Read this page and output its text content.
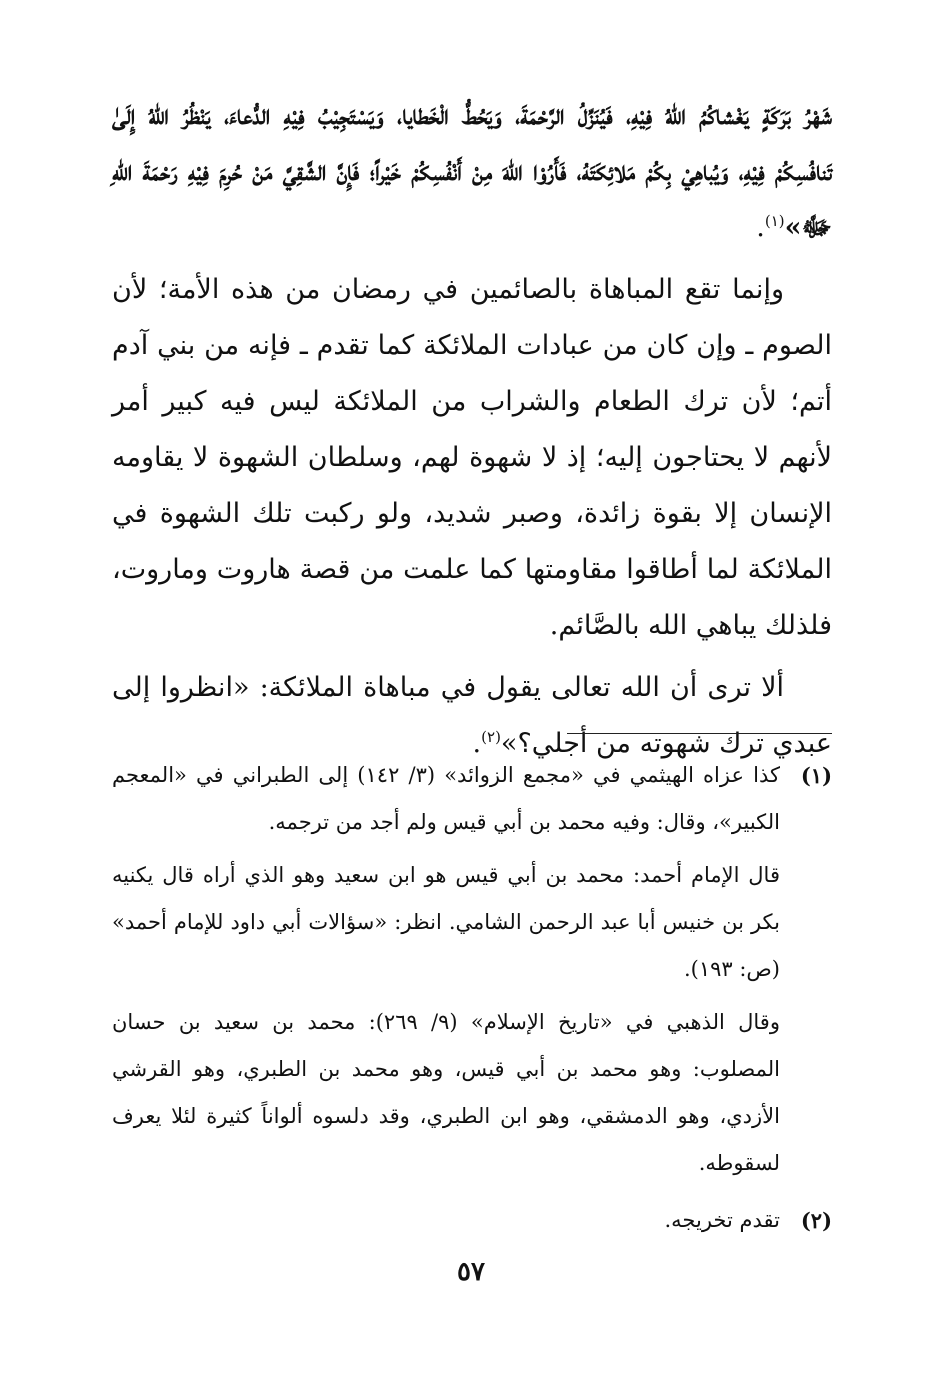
شَهْرُ بَرَكَةٍ يَغْشاكُمُ اللهُ فِيْهِ، فَيُنَزِّلُ الرَّحْمَةَ، وَيَحُطُّ الْخَطايا، وَيَسْتَجِيْبُ فِيْهِ الدُّعاءَ، يَنْظُرُ اللهُ إِلَىٰ تَنافُسِكُمْ فِيْهِ، وَيُباهِيْ بِكُمْ مَلائِكَتَهُ، فَأَرُوْا اللهَ مِنْ أَنْفُسِكُمْ خَيْراً؛ فَإِنَّ الشَّقِيَّ مَنْ حُرِمَ فِيْهِ رَحْمَةَ اللهِ ﷻ»$^{(١)}$.

وإنما تقع المباهاة بالصائمين في رمضان من هذه الأمة؛ لأن الصوم ـ وإن كان من عبادات الملائكة كما تقدم ـ فإنه من بني آدم أتم؛ لأن ترك الطعام والشراب من الملائكة ليس فيه كبير أمر لأنهم لا يحتاجون إليه؛ إذ لا شهوة لهم، وسلطان الشهوة لا يقاومه الإنسان إلا بقوة زائدة، وصبر شديد، ولو ركبت تلك الشهوة في الملائكة لما أطاقوا مقاومتها كما علمت من قصة هاروت وماروت، فلذلك يباهي الله بالصَّائم.

ألا ترى أن الله تعالى يقول في مباهاة الملائكة: «انظروا إلى عبدي ترك شهوته من أجلي؟»$^{(٢)}$.

(١)

كذا عزاه الهيثمي في «مجمع الزوائد» (٣/ ١٤٢) إلى الطبراني في «المعجم الكبير»، وقال: وفيه محمد بن أبي قيس ولم أجد من ترجمه.

قال الإمام أحمد: محمد بن أبي قيس هو ابن سعيد وهو الذي أراه قال يكنيه بكر بن خنيس أبا عبد الرحمن الشامي. انظر: «سؤالات أبي داود للإمام أحمد» (ص: ١٩٣).

وقال الذهبي في «تاريخ الإسلام» (٩/ ٢٦٩): محمد بن سعيد بن حسان المصلوب: وهو محمد بن أبي قيس، وهو محمد بن الطبري، وهو القرشي الأزدي، وهو الدمشقي، وهو ابن الطبري، وقد دلسوه ألواناً كثيرة لئلا يعرف لسقوطه.

(٢)

تقدم تخريجه.

٥٧
